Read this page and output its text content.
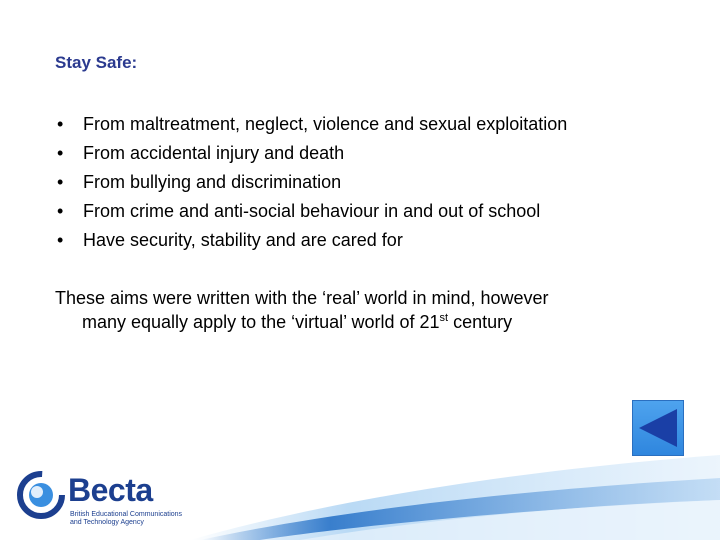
Stay Safe:
• From maltreatment, neglect, violence and sexual exploitation
• From accidental injury and death
• From bullying and discrimination
• From crime and anti-social behaviour in and out of school
• Have security, stability and are cared for

These aims were written with the ‘real’ world in mind, however
many equally apply to the ‘virtual’ world of 21st century

Becta
British Educational Communications
and Technology Agency
